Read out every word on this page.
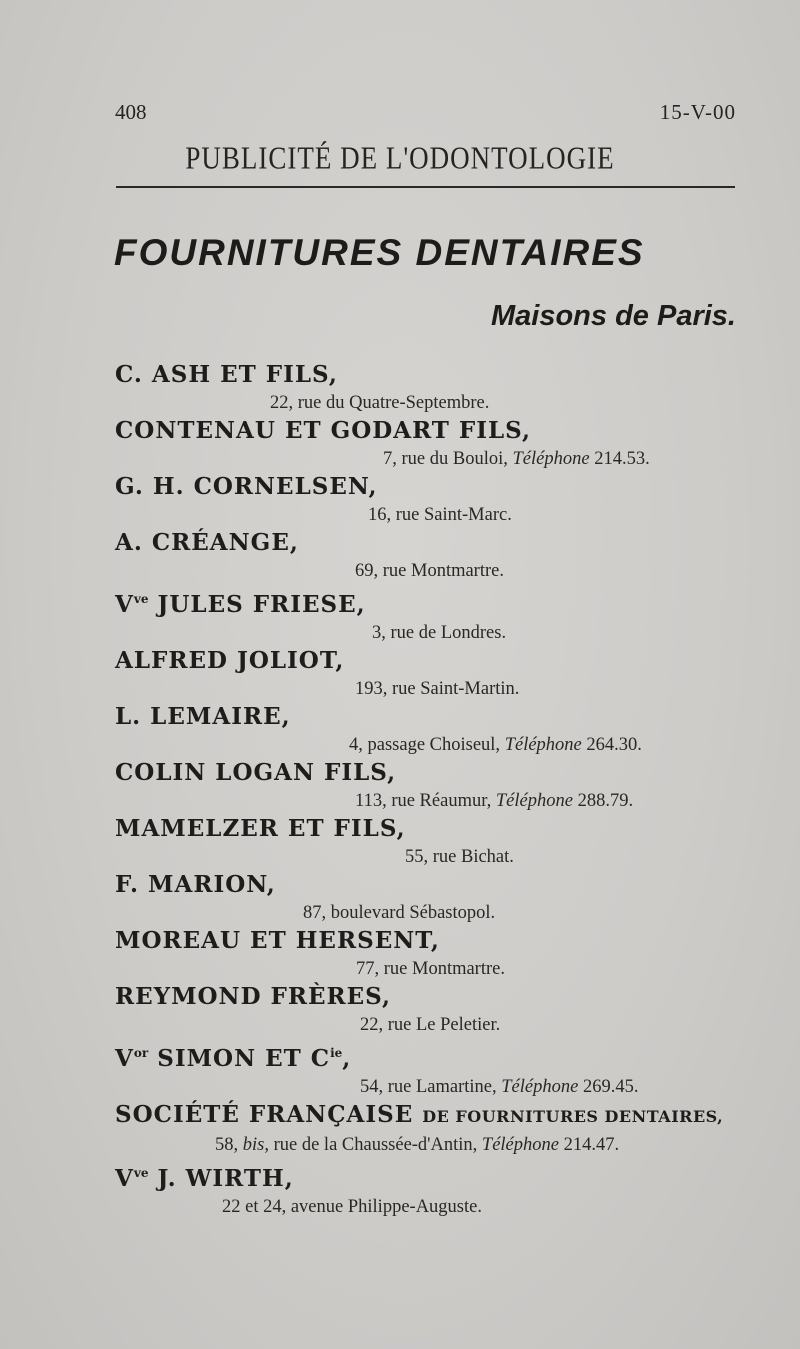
408	15-V-00
PUBLICITÉ DE L'ODONTOLOGIE
FOURNITURES DENTAIRES
Maisons de Paris.
C. ASH ET FILS,
22, rue du Quatre-Septembre.
CONTENAU ET GODART FILS,
7, rue du Bouloi, Téléphone 214.53.
G. H. CORNELSEN,
16, rue Saint-Marc.
A. CRÉANGE,
69, rue Montmartre.
$V^{ve}$ JULES FRIESE,
3, rue de Londres.
ALFRED JOLIOT,
193, rue Saint-Martin.
L. LEMAIRE,
4, passage Choiseul, Téléphone 264.30.
COLIN LOGAN FILS,
113, rue Réaumur, Téléphone 288.79.
MAMELZER ET FILS,
55, rue Bichat.
F. MARION,
87, boulevard Sébastopol.
MOREAU ET HERSENT,
77, rue Montmartre.
REYMOND FRÈRES,
22, rue Le Peletier.
$V^{or}$ SIMON ET $C^{ie}$,
54, rue Lamartine, Téléphone 269.45.
SOCIÉTÉ FRANÇAISE DE FOURNITURES DENTAIRES,
58, bis, rue de la Chaussée-d'Antin, Téléphone 214.47.
$V^{ve}$ J. WIRTH,
22 et 24, avenue Philippe-Auguste.
